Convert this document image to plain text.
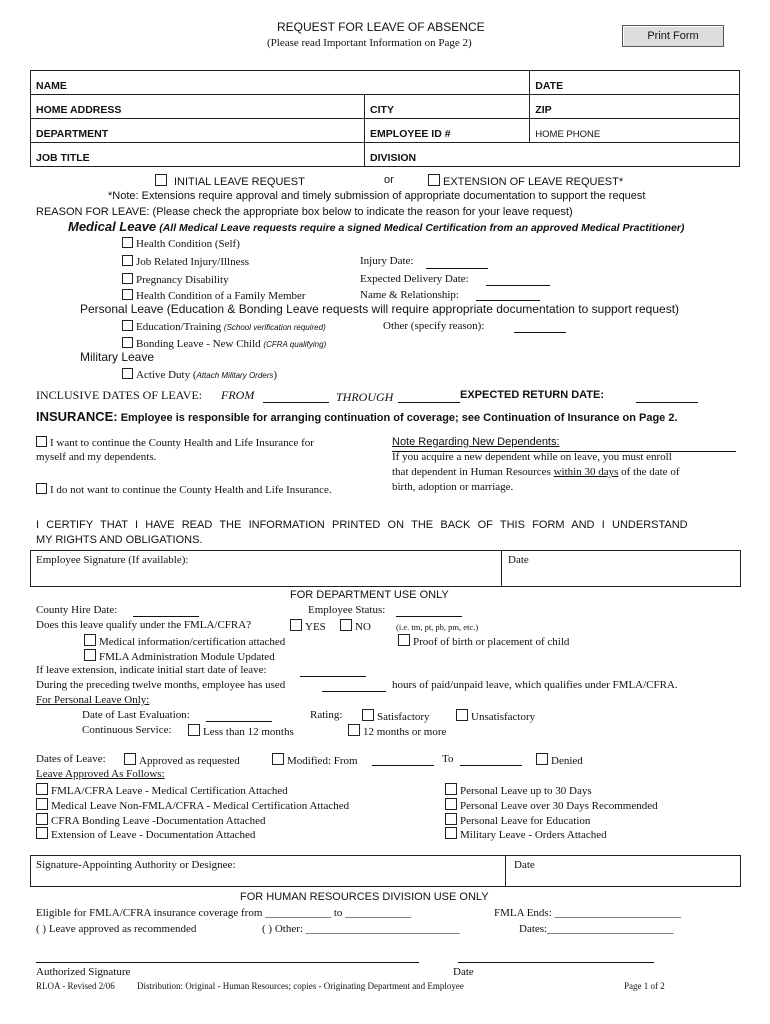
REQUEST FOR LEAVE OF ABSENCE
(Please read Important Information on Page 2)
Print Form
NAME		DATE
HOME ADDRESS	CITY	ZIP
DEPARTMENT	EMPLOYEE ID #	HOME PHONE
JOB TITLE	DIVISION	
INITIAL LEAVE REQUEST	or	EXTENSION OF LEAVE REQUEST*
*Note: Extensions require approval and timely submission of appropriate documentation to support the request
REASON FOR LEAVE: (Please check the appropriate box below to indicate the reason for your leave request)
Medical Leave (All Medical Leave requests require a signed Medical Certification from an approved Medical Practitioner)
Health Condition (Self)
Job Related Injury/Illness	Injury Date:
Pregnancy Disability	Expected Delivery Date:
Health Condition of a Family Member	Name & Relationship:
Personal Leave (Education & Bonding Leave requests will require appropriate documentation to support request)
Education/Training (School verification required)	Other (specify reason):
Bonding Leave - New Child (CFRA qualifying)
Military Leave
Active Duty (Attach Military Orders)
INCLUSIVE DATES OF LEAVE: FROM	THROUGH	EXPECTED RETURN DATE:
INSURANCE: Employee is responsible for arranging continuation of coverage; see Continuation of Insurance on Page 2.
I want to continue the County Health and Life Insurance for
myself and my dependents.
I do not want to continue the County Health and Life Insurance.
Note Regarding New Dependents:
If you acquire a new dependent while on leave, you must enroll
that dependent in Human Resources within 30 days of the date of
birth, adoption or marriage.
I CERTIFY THAT I HAVE READ THE INFORMATION PRINTED ON THE BACK OF THIS FORM AND I UNDERSTAND
MY RIGHTS AND OBLIGATIONS.
Employee Signature (If available):	Date
FOR DEPARTMENT USE ONLY
County Hire Date:	Employee Status:
Does this leave qualify under the FMLA/CFRA?	YES	NO	(i.e. tm, pt, pb, pm, etc.)
Medical information/certification attached	Proof of birth or placement of child
FMLA Administration Module Updated
If leave extension, indicate initial start date of leave:
During the preceding twelve months, employee has used	hours of paid/unpaid leave, which qualifies under FMLA/CFRA.
For Personal Leave Only:
Date of Last Evaluation:	Rating:	Satisfactory	Unsatisfactory
Continuous Service:	Less than 12 months	12 months or more
Dates of Leave:	Approved as requested	Modified: From	To	Denied
Leave Approved As Follows:
FMLA/CFRA Leave - Medical Certification Attached
Medical Leave Non-FMLA/CFRA - Medical Certification Attached
CFRA Bonding Leave -Documentation Attached
Extension of Leave - Documentation Attached
Personal Leave up to 30 Days
Personal Leave over 30 Days Recommended
Personal Leave for Education
Military Leave - Orders Attached
Signature-Appointing Authority or Designee:	Date
FOR HUMAN RESOURCES DIVISION USE ONLY
Eligible for FMLA/CFRA insurance coverage from ____________ to ____________	FMLA Ends: _______________________
( ) Leave approved as recommended	( ) Other: ____________________________	Dates:_______________________
Authorized Signature	Date
RLOA - Revised 2/06 Distribution: Original - Human Resources; copies - Originating Department and Employee	Page 1 of 2
